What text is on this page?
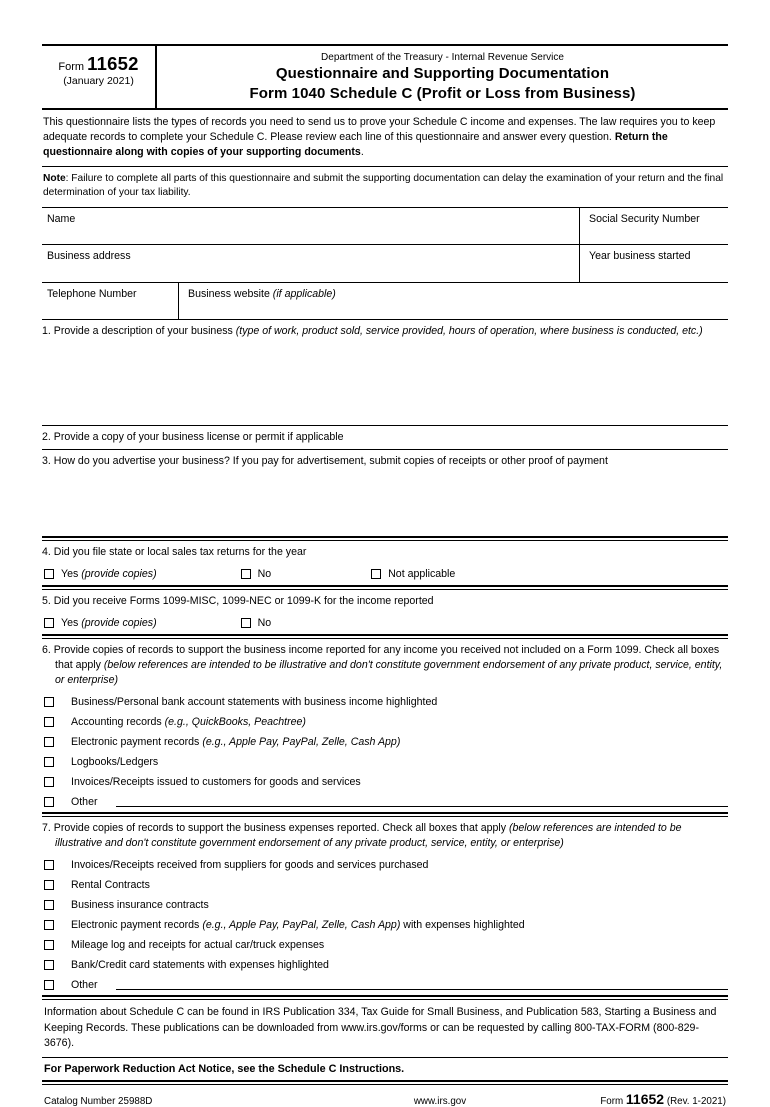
Form 11652
(January 2021)
Department of the Treasury - Internal Revenue Service
Questionnaire and Supporting Documentation
Form 1040 Schedule C (Profit or Loss from Business)
This questionnaire lists the types of records you need to send us to prove your Schedule C income and expenses. The law requires you to keep adequate records to complete your Schedule C. Please review each line of this questionnaire and answer every question. Return the questionnaire along with copies of your supporting documents.
Note: Failure to complete all parts of this questionnaire and submit the supporting documentation can delay the examination of your return and the final determination of your tax liability.
Name	Social Security Number
Business address	Year business started
Telephone Number	Business website (if applicable)
1. Provide a description of your business (type of work, product sold, service provided, hours of operation, where business is conducted, etc.)
2. Provide a copy of your business license or permit if applicable
3. How do you advertise your business? If you pay for advertisement, submit copies of receipts or other proof of payment
4. Did you file state or local sales tax returns for the year
Yes (provide copies)	No	Not applicable
5. Did you receive Forms 1099-MISC, 1099-NEC or 1099-K for the income reported
Yes (provide copies)	No
6. Provide copies of records to support the business income reported for any income you received not included on a Form 1099. Check all boxes that apply (below references are intended to be illustrative and don't constitute government endorsement of any private product, service, entity, or enterprise)
Business/Personal bank account statements with business income highlighted
Accounting records (e.g., QuickBooks, Peachtree)
Electronic payment records (e.g., Apple Pay, PayPal, Zelle, Cash App)
Logbooks/Ledgers
Invoices/Receipts issued to customers for goods and services
Other
7. Provide copies of records to support the business expenses reported. Check all boxes that apply (below references are intended to be illustrative and don't constitute government endorsement of any private product, service, entity, or enterprise)
Invoices/Receipts received from suppliers for goods and services purchased
Rental Contracts
Business insurance contracts
Electronic payment records (e.g., Apple Pay, PayPal, Zelle, Cash App) with expenses highlighted
Mileage log and receipts for actual car/truck expenses
Bank/Credit card statements with expenses highlighted
Other
Information about Schedule C can be found in IRS Publication 334, Tax Guide for Small Business, and Publication 583, Starting a Business and Keeping Records. These publications can be downloaded from www.irs.gov/forms or can be requested by calling 800-TAX-FORM (800-829-3676).
For Paperwork Reduction Act Notice, see the Schedule C Instructions.
Catalog Number 25988D	www.irs.gov	Form 11652 (Rev. 1-2021)
